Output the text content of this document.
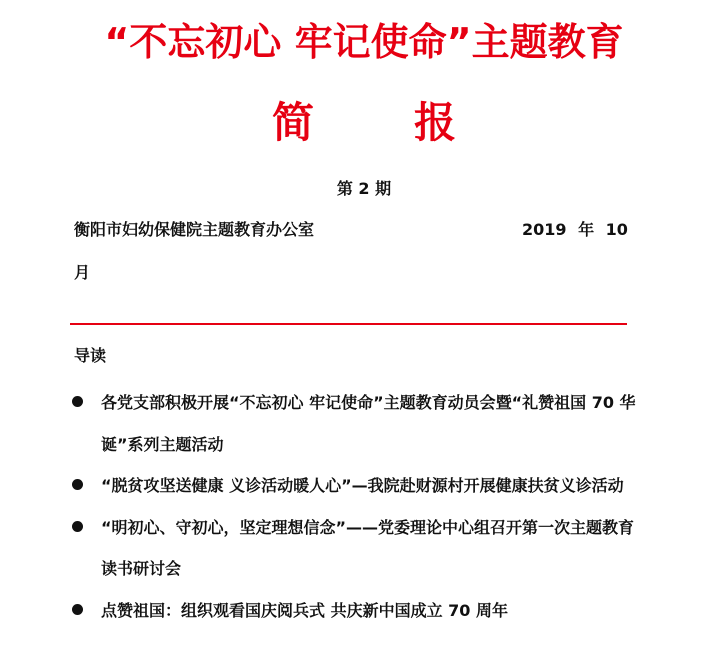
“不忘初心 牢记使命”主题教育
简 报
第 2 期
衡阳市妇幼保健院主题教育办公室	2019 年 10
月
导读
各党支部积极开展“不忘初心 牢记使命”主题教育动员会暨“礼赞祖国 70 华诞”系列主题活动
“脱贫攻坚送健康 义诊活动暖人心”—我院赴财源村开展健康扶贫义诊活动
“明初心、守初心，坚定理想信念”——党委理论中心组召开第一次主题教育读书研讨会
点赞祖国：组织观看国庆阅兵式 共庆新中国成立 70 周年
